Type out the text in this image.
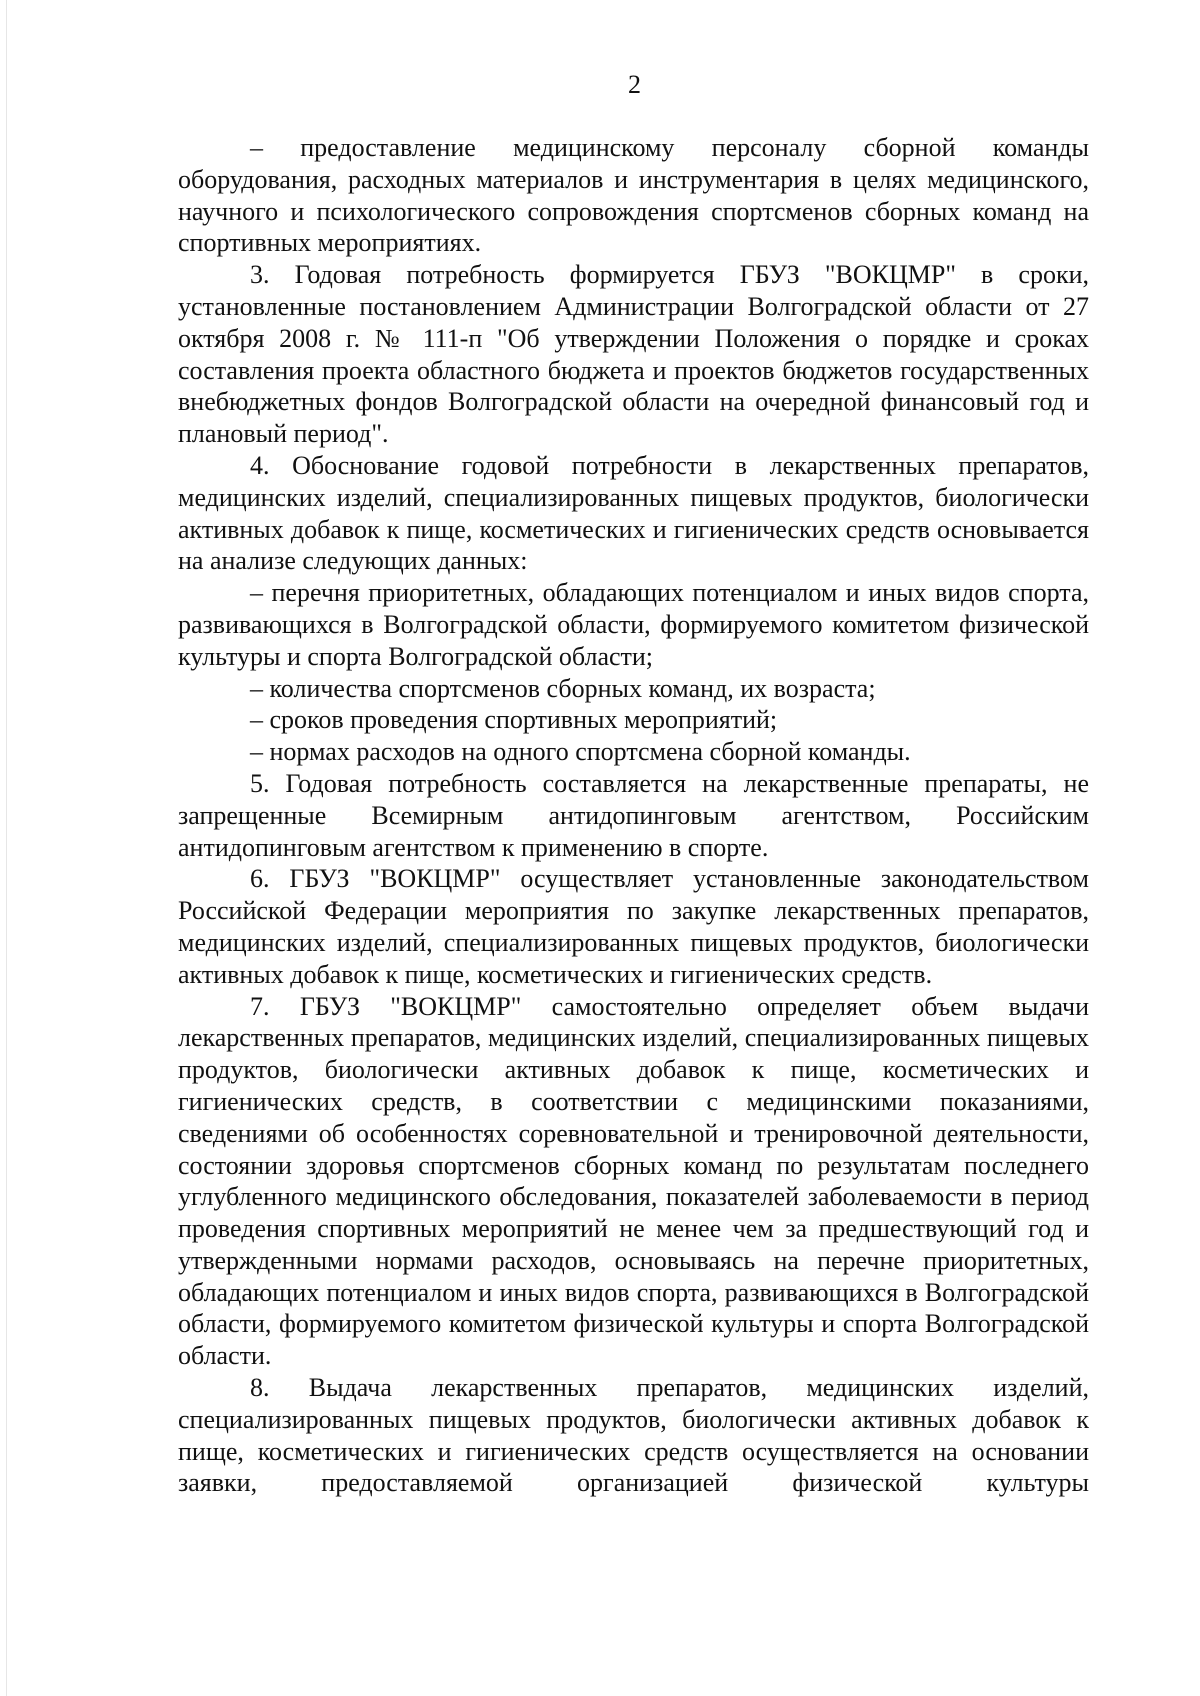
2

– предоставление медицинскому персоналу сборной команды оборудования, расходных материалов и инструментария в целях медицинского, научного и психологического сопровождения спортсменов сборных команд на спортивных мероприятиях.

3. Годовая потребность формируется ГБУЗ "ВОКЦМР" в сроки, установленные постановлением Администрации Волгоградской области от 27 октября 2008 г. № 111-п "Об утверждении Положения о порядке и сроках составления проекта областного бюджета и проектов бюджетов государственных внебюджетных фондов Волгоградской области на очередной финансовый год и плановый период".

4. Обоснование годовой потребности в лекарственных препаратов, медицинских изделий, специализированных пищевых продуктов, биологически активных добавок к пище, косметических и гигиенических средств основывается на анализе следующих данных:

– перечня приоритетных, обладающих потенциалом и иных видов спорта, развивающихся в Волгоградской области, формируемого комитетом физической культуры и спорта Волгоградской области;

– количества спортсменов сборных команд, их возраста;

– сроков проведения спортивных мероприятий;

– нормах расходов на одного спортсмена сборной команды.

5. Годовая потребность составляется на лекарственные препараты, не запрещенные Всемирным антидопинговым агентством, Российским антидопинговым агентством к применению в спорте.

6. ГБУЗ "ВОКЦМР" осуществляет установленные законодательством Российской Федерации мероприятия по закупке лекарственных препаратов, медицинских изделий, специализированных пищевых продуктов, биологически активных добавок к пище, косметических и гигиенических средств.

7. ГБУЗ "ВОКЦМР" самостоятельно определяет объем выдачи лекарственных препаратов, медицинских изделий, специализированных пищевых продуктов, биологически активных добавок к пище, косметических и гигиенических средств, в соответствии с медицинскими показаниями, сведениями об особенностях соревновательной и тренировочной деятельности, состоянии здоровья спортсменов сборных команд по результатам последнего углубленного медицинского обследования, показателей заболеваемости в период проведения спортивных мероприятий не менее чем за предшествующий год и утвержденными нормами расходов, основываясь на перечне приоритетных, обладающих потенциалом и иных видов спорта, развивающихся в Волгоградской области, формируемого комитетом физической культуры и спорта Волгоградской области.

8. Выдача лекарственных препаратов, медицинских изделий, специализированных пищевых продуктов, биологически активных добавок к пище, косметических и гигиенических средств осуществляется на основании заявки, предоставляемой организацией физической культуры
